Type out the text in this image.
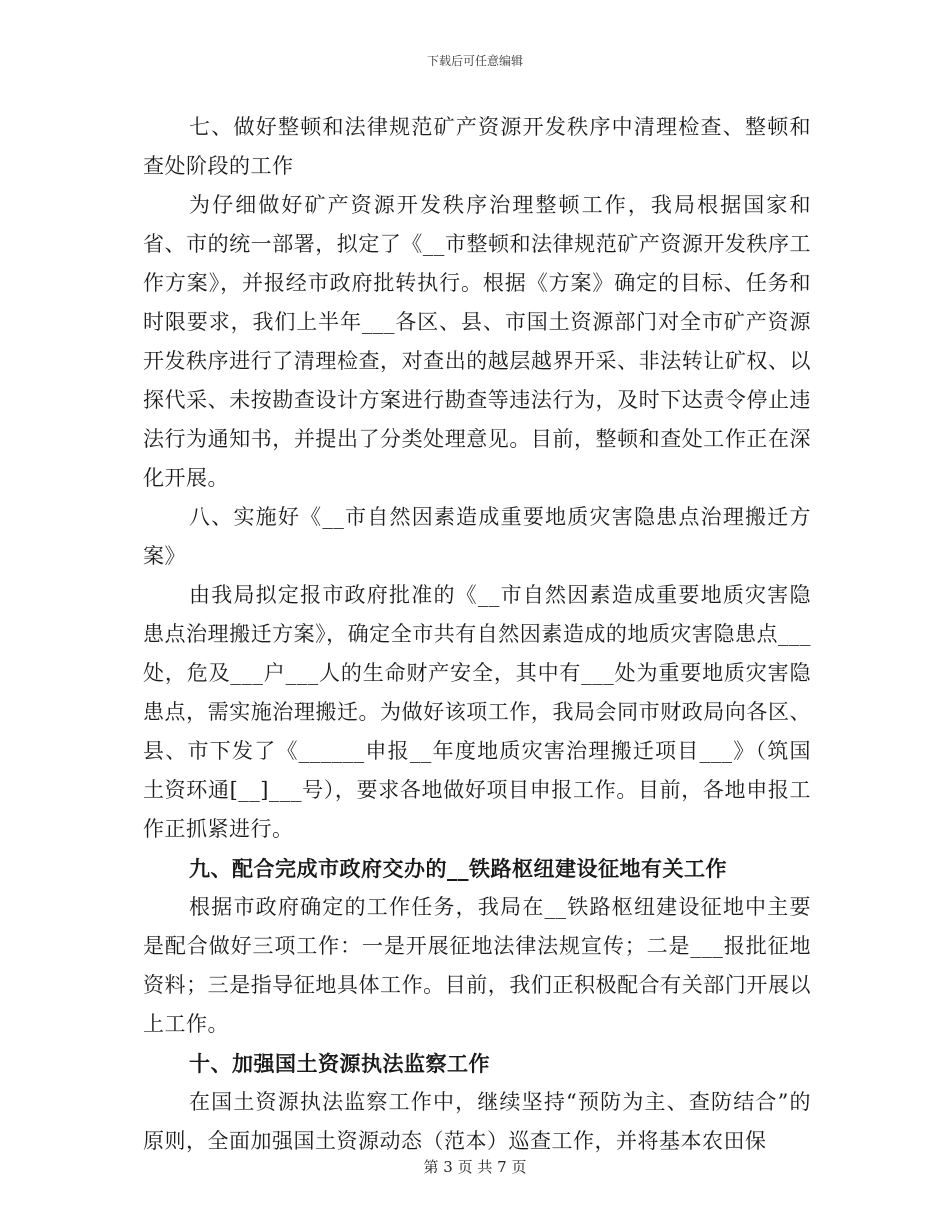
下载后可任意编辑

七、做好整顿和法律规范矿产资源开发秩序中清理检查、整顿和查处阶段的工作

为仔细做好矿产资源开发秩序治理整顿工作，我局根据国家和省、市的统一部署，拟定了《__市整顿和法律规范矿产资源开发秩序工作方案》，并报经市政府批转执行。根据《方案》确定的目标、任务和时限要求，我们上半年___各区、县、市国土资源部门对全市矿产资源开发秩序进行了清理检查，对查出的越层越界开采、非法转让矿权、以探代采、未按勘查设计方案进行勘查等违法行为，及时下达责令停止违法行为通知书，并提出了分类处理意见。目前，整顿和查处工作正在深化开展。

八、实施好《__市自然因素造成重要地质灾害隐患点治理搬迁方案》

由我局拟定报市政府批准的《__市自然因素造成重要地质灾害隐患点治理搬迁方案》，确定全市共有自然因素造成的地质灾害隐患点___处，危及___户___人的生命财产安全，其中有___处为重要地质灾害隐患点，需实施治理搬迁。为做好该项工作，我局会同市财政局向各区、县、市下发了《______申报__年度地质灾害治理搬迁项目___》（筑国土资环通[__]___号），要求各地做好项目申报工作。目前，各地申报工作正抓紧进行。

九、配合完成市政府交办的__铁路枢纽建设征地有关工作

根据市政府确定的工作任务，我局在__铁路枢纽建设征地中主要是配合做好三项工作：一是开展征地法律法规宣传；二是___报批征地资料；三是指导征地具体工作。目前，我们正积极配合有关部门开展以上工作。

十、加强国土资源执法监察工作

在国土资源执法监察工作中，继续坚持“预防为主、查防结合”的原则，全面加强国土资源动态（范本）巡查工作，并将基本农田保

第 3 页 共 7 页
